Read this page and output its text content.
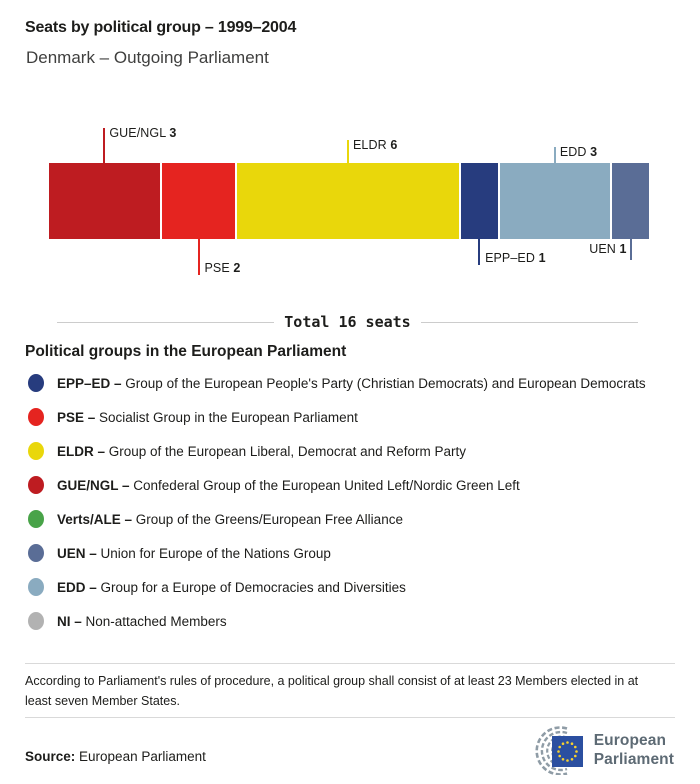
Seats by political group – 1999–2004
Denmark – Outgoing Parliament
GUE/NGL 3
PSE 2
ELDR 6
EPP–ED 1
EDD 3
UEN 1
Total 16 seats
Political groups in the European Parliament
EPP–ED – Group of the European People's Party (Christian Democrats) and European Democrats
PSE – Socialist Group in the European Parliament
ELDR – Group of the European Liberal, Democrat and Reform Party
GUE/NGL – Confederal Group of the European United Left/Nordic Green Left
Verts/ALE – Group of the Greens/European Free Alliance
UEN – Union for Europe of the Nations Group
EDD – Group for a Europe of Democracies and Diversities
NI – Non-attached Members
According to Parliament's rules of procedure, a political group shall consist of at least 23 Members elected in at least seven Member States.
Source: European Parliament
European
Parliament
